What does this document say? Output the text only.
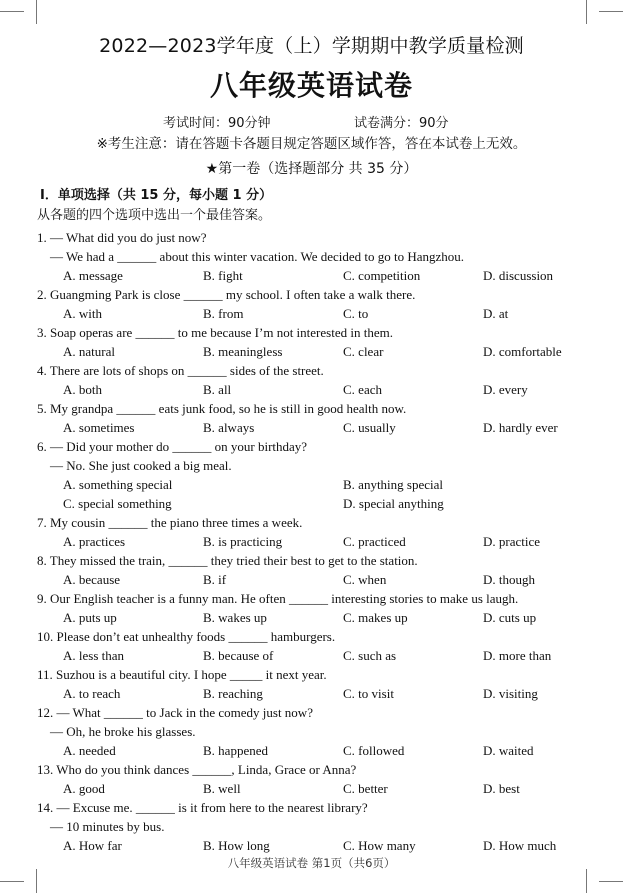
2022—2023学年度（上）学期期中教学质量检测
八年级英语试卷
考试时间：90分钟	试卷满分：90分
※考生注意：请在答题卡各题目规定答题区域作答，答在本试卷上无效。
★第一卷（选择题部分 共 35 分）
Ⅰ．单项选择（共 15 分，每小题 1 分）
从各题的四个选项中选出一个最佳答案。
1. — What did you do just now?
— We had a ______ about this winter vacation. We decided to go to Hangzhou.
A. message	B. fight	C. competition	D. discussion
2. Guangming Park is close ______ my school. I often take a walk there.
A. with	B. from	C. to	D. at
3. Soap operas are ______ to me because I’m not interested in them.
A. natural	B. meaningless	C. clear	D. comfortable
4. There are lots of shops on ______ sides of the street.
A. both	B. all	C. each	D. every
5. My grandpa ______ eats junk food, so he is still in good health now.
A. sometimes	B. always	C. usually	D. hardly ever
6. — Did your mother do ______ on your birthday?
— No. She just cooked a big meal.
A. something special	B. anything special
C. special something	D. special anything
7. My cousin ______ the piano three times a week.
A. practices	B. is practicing	C. practiced	D. practice
8. They missed the train, ______ they tried their best to get to the station.
A. because	B. if	C. when	D. though
9. Our English teacher is a funny man. He often ______ interesting stories to make us laugh.
A. puts up	B. wakes up	C. makes up	D. cuts up
10. Please don’t eat unhealthy foods ______ hamburgers.
A. less than	B. because of	C. such as	D. more than
11. Suzhou is a beautiful city. I hope _____ it next year.
A. to reach	B. reaching	C. to visit	D. visiting
12. — What ______ to Jack in the comedy just now?
— Oh, he broke his glasses.
A. needed	B. happened	C. followed	D. waited
13. Who do you think dances ______, Linda, Grace or Anna?
A. good	B. well	C. better	D. best
14. — Excuse me. ______ is it from here to the nearest library?
— 10 minutes by bus.
A. How far	B. How long	C. How many	D. How much
八年级英语试卷 第1页（共6页）
